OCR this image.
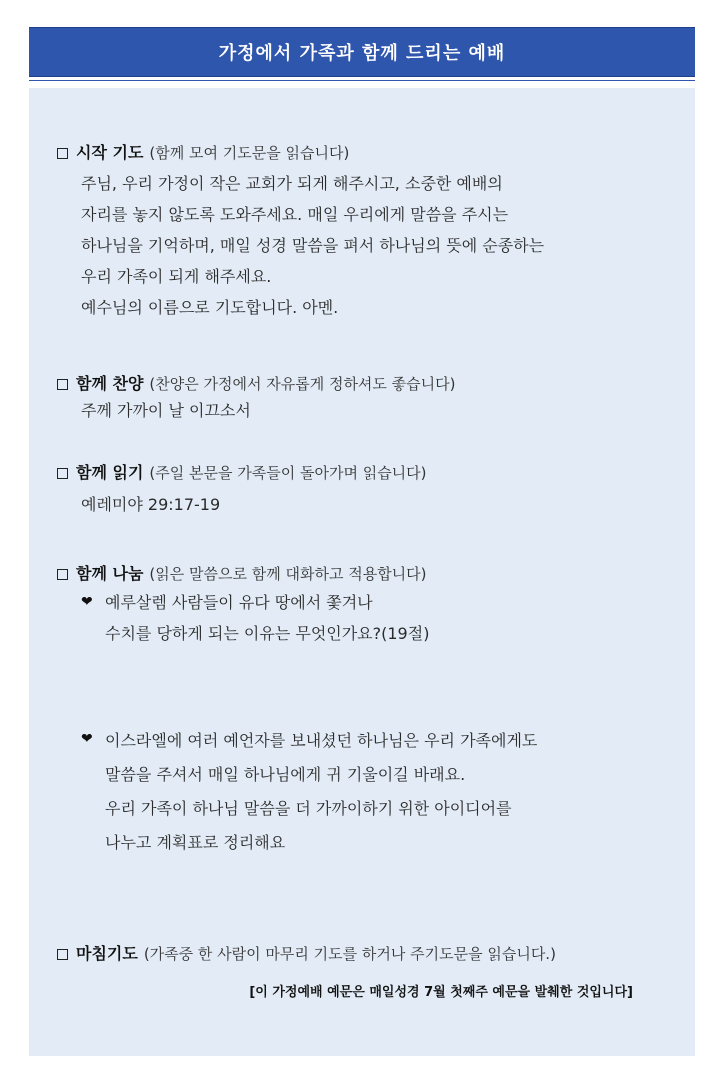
가정에서 가족과 함께 드리는 예배
시작 기도 (함께 모여 기도문을 읽습니다)
주님, 우리 가정이 작은 교회가 되게 해주시고, 소중한 예배의
자리를 놓지 않도록 도와주세요. 매일 우리에게 말씀을 주시는
하나님을 기억하며, 매일 성경 말씀을 펴서 하나님의 뜻에 순종하는
우리 가족이 되게 해주세요.
예수님의 이름으로 기도합니다. 아멘.
함께 찬양 (찬양은 가정에서 자유롭게 정하셔도 좋습니다)
주께 가까이 날 이끄소서
함께 읽기 (주일 본문을 가족들이 돌아가며 읽습니다)
예레미야 29:17-19
함께 나눔 (읽은 말씀으로 함께 대화하고 적용합니다)
❤ 예루살렘 사람들이 유다 땅에서 쫓겨나
수치를 당하게 되는 이유는 무엇인가요?(19절)
❤ 이스라엘에 여러 예언자를 보내셨던 하나님은 우리 가족에게도
말씀을 주셔서 매일 하나님에게 귀 기울이길 바래요.
우리 가족이 하나님 말씀을 더 가까이하기 위한 아이디어를
나누고 계획표로 정리해요
마침기도 (가족중 한 사람이 마무리 기도를 하거나 주기도문을 읽습니다.)
[이 가정예배 예문은 매일성경 7월 첫째주 예문을 발췌한 것입니다]
